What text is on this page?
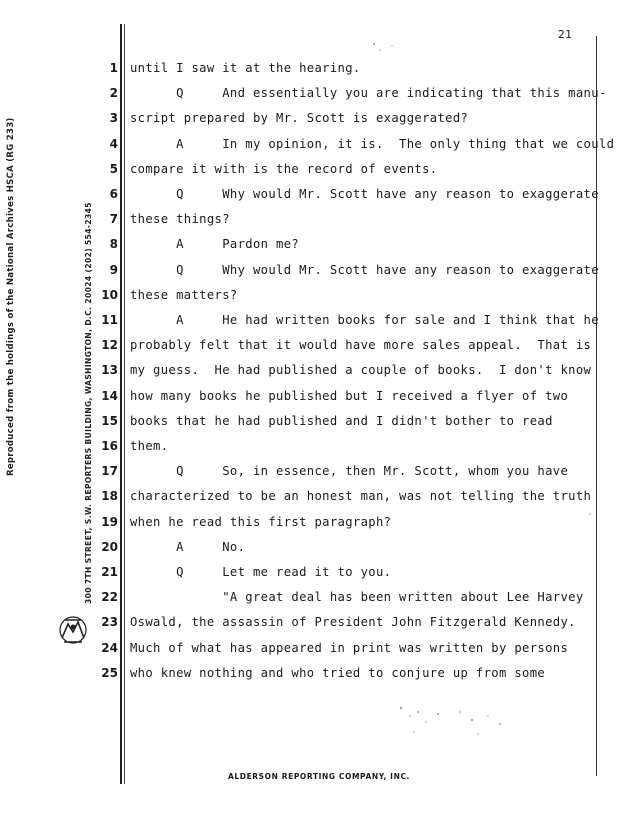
21
Reproduced from the holdings of the National Archives HSCA (RG 233)	300 7TH STREET, S.W. REPORTERS BUILDING, WASHINGTON, D.C. 20024 (202) 554-2345
1 until I saw it at the hearing.
2 Q     And essentially you are indicating that this manu-
3 script prepared by Mr. Scott is exaggerated?
4 A     In my opinion, it is.  The only thing that we could
5 compare it with is the record of events.
6 Q     Why would Mr. Scott have any reason to exaggerate
7 these things?
8 A     Pardon me?
9 Q     Why would Mr. Scott have any reason to exaggerate
10 these matters?
11 A     He had written books for sale and I think that he
12 probably felt that it would have more sales appeal.  That is
13 my guess.  He had published a couple of books.  I don't know
14 how many books he published but I received a flyer of two
15 books that he had published and I didn't bother to read
16 them.
17 Q     So, in essence, then Mr. Scott, whom you have
18 characterized to be an honest man, was not telling the truth
19 when he read this first paragraph?
20 A     No.
21 Q     Let me read it to you.
22 "A great deal has been written about Lee Harvey
23 Oswald, the assassin of President John Fitzgerald Kennedy.
24 Much of what has appeared in print was written by persons
25 who knew nothing and who tried to conjure up from some
ALDERSON REPORTING COMPANY, INC.
